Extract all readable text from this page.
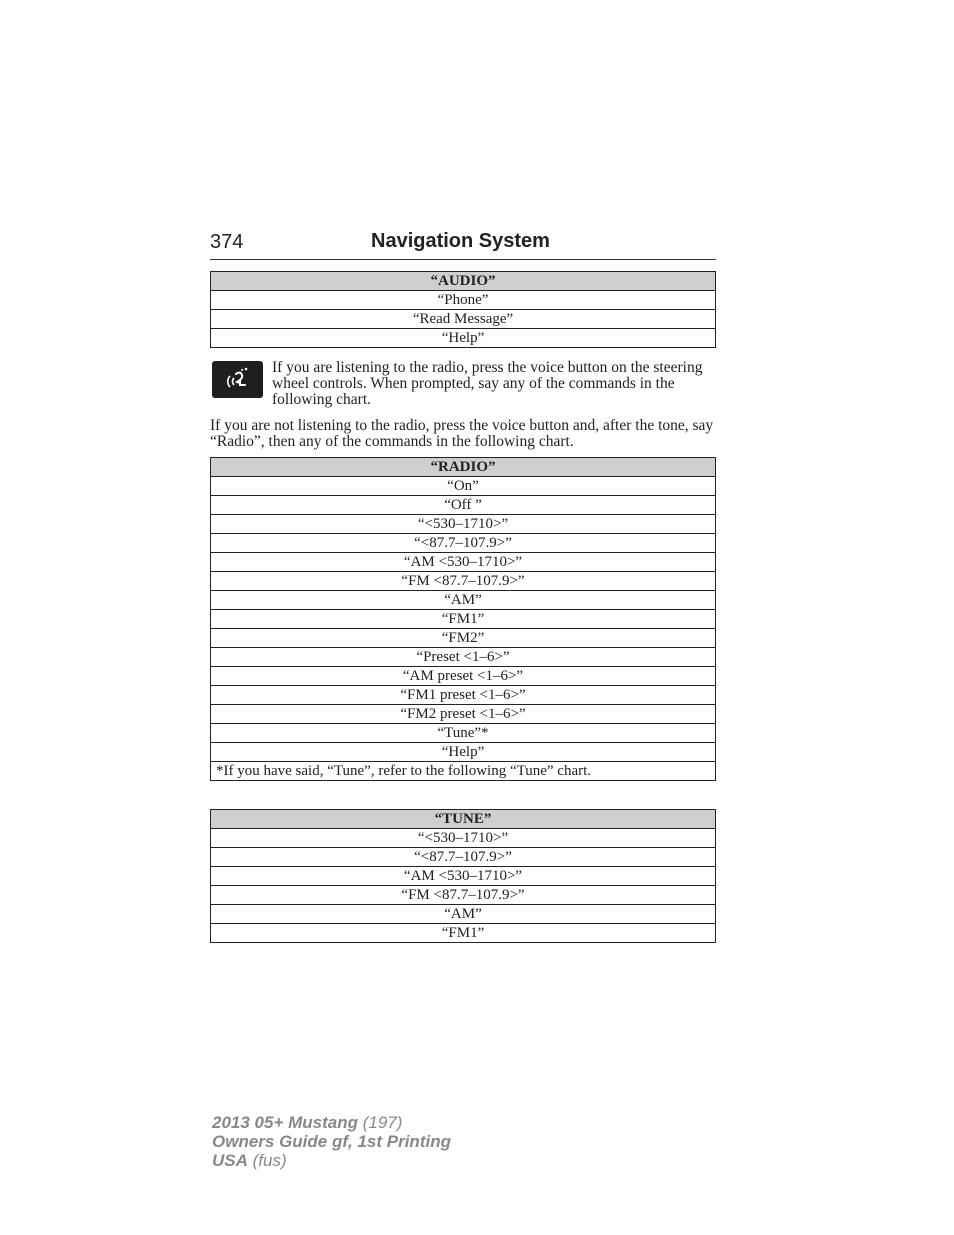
374	Navigation System
“AUDIO”
“Phone”
“Read Message”
“Help”

If you are listening to the radio, press the voice button on the steering wheel controls. When prompted, say any of the commands in the following chart.

If you are not listening to the radio, press the voice button and, after the tone, say “Radio”, then any of the commands in the following chart.

“RADIO”
“On”
“Off ”
“<530–1710>”
“<87.7–107.9>”
“AM <530–1710>”
“FM <87.7–107.9>”
“AM”
“FM1”
“FM2”
“Preset <1–6>”
“AM preset <1–6>”
“FM1 preset <1–6>”
“FM2 preset <1–6>”
“Tune”*
“Help”
*If you have said, “Tune”, refer to the following “Tune” chart.
“TUNE”
“<530–1710>”
“<87.7–107.9>”
“AM <530–1710>”
“FM <87.7–107.9>”
“AM”
“FM1”
2013 05+ Mustang (197)
Owners Guide gf, 1st Printing
USA (fus)
